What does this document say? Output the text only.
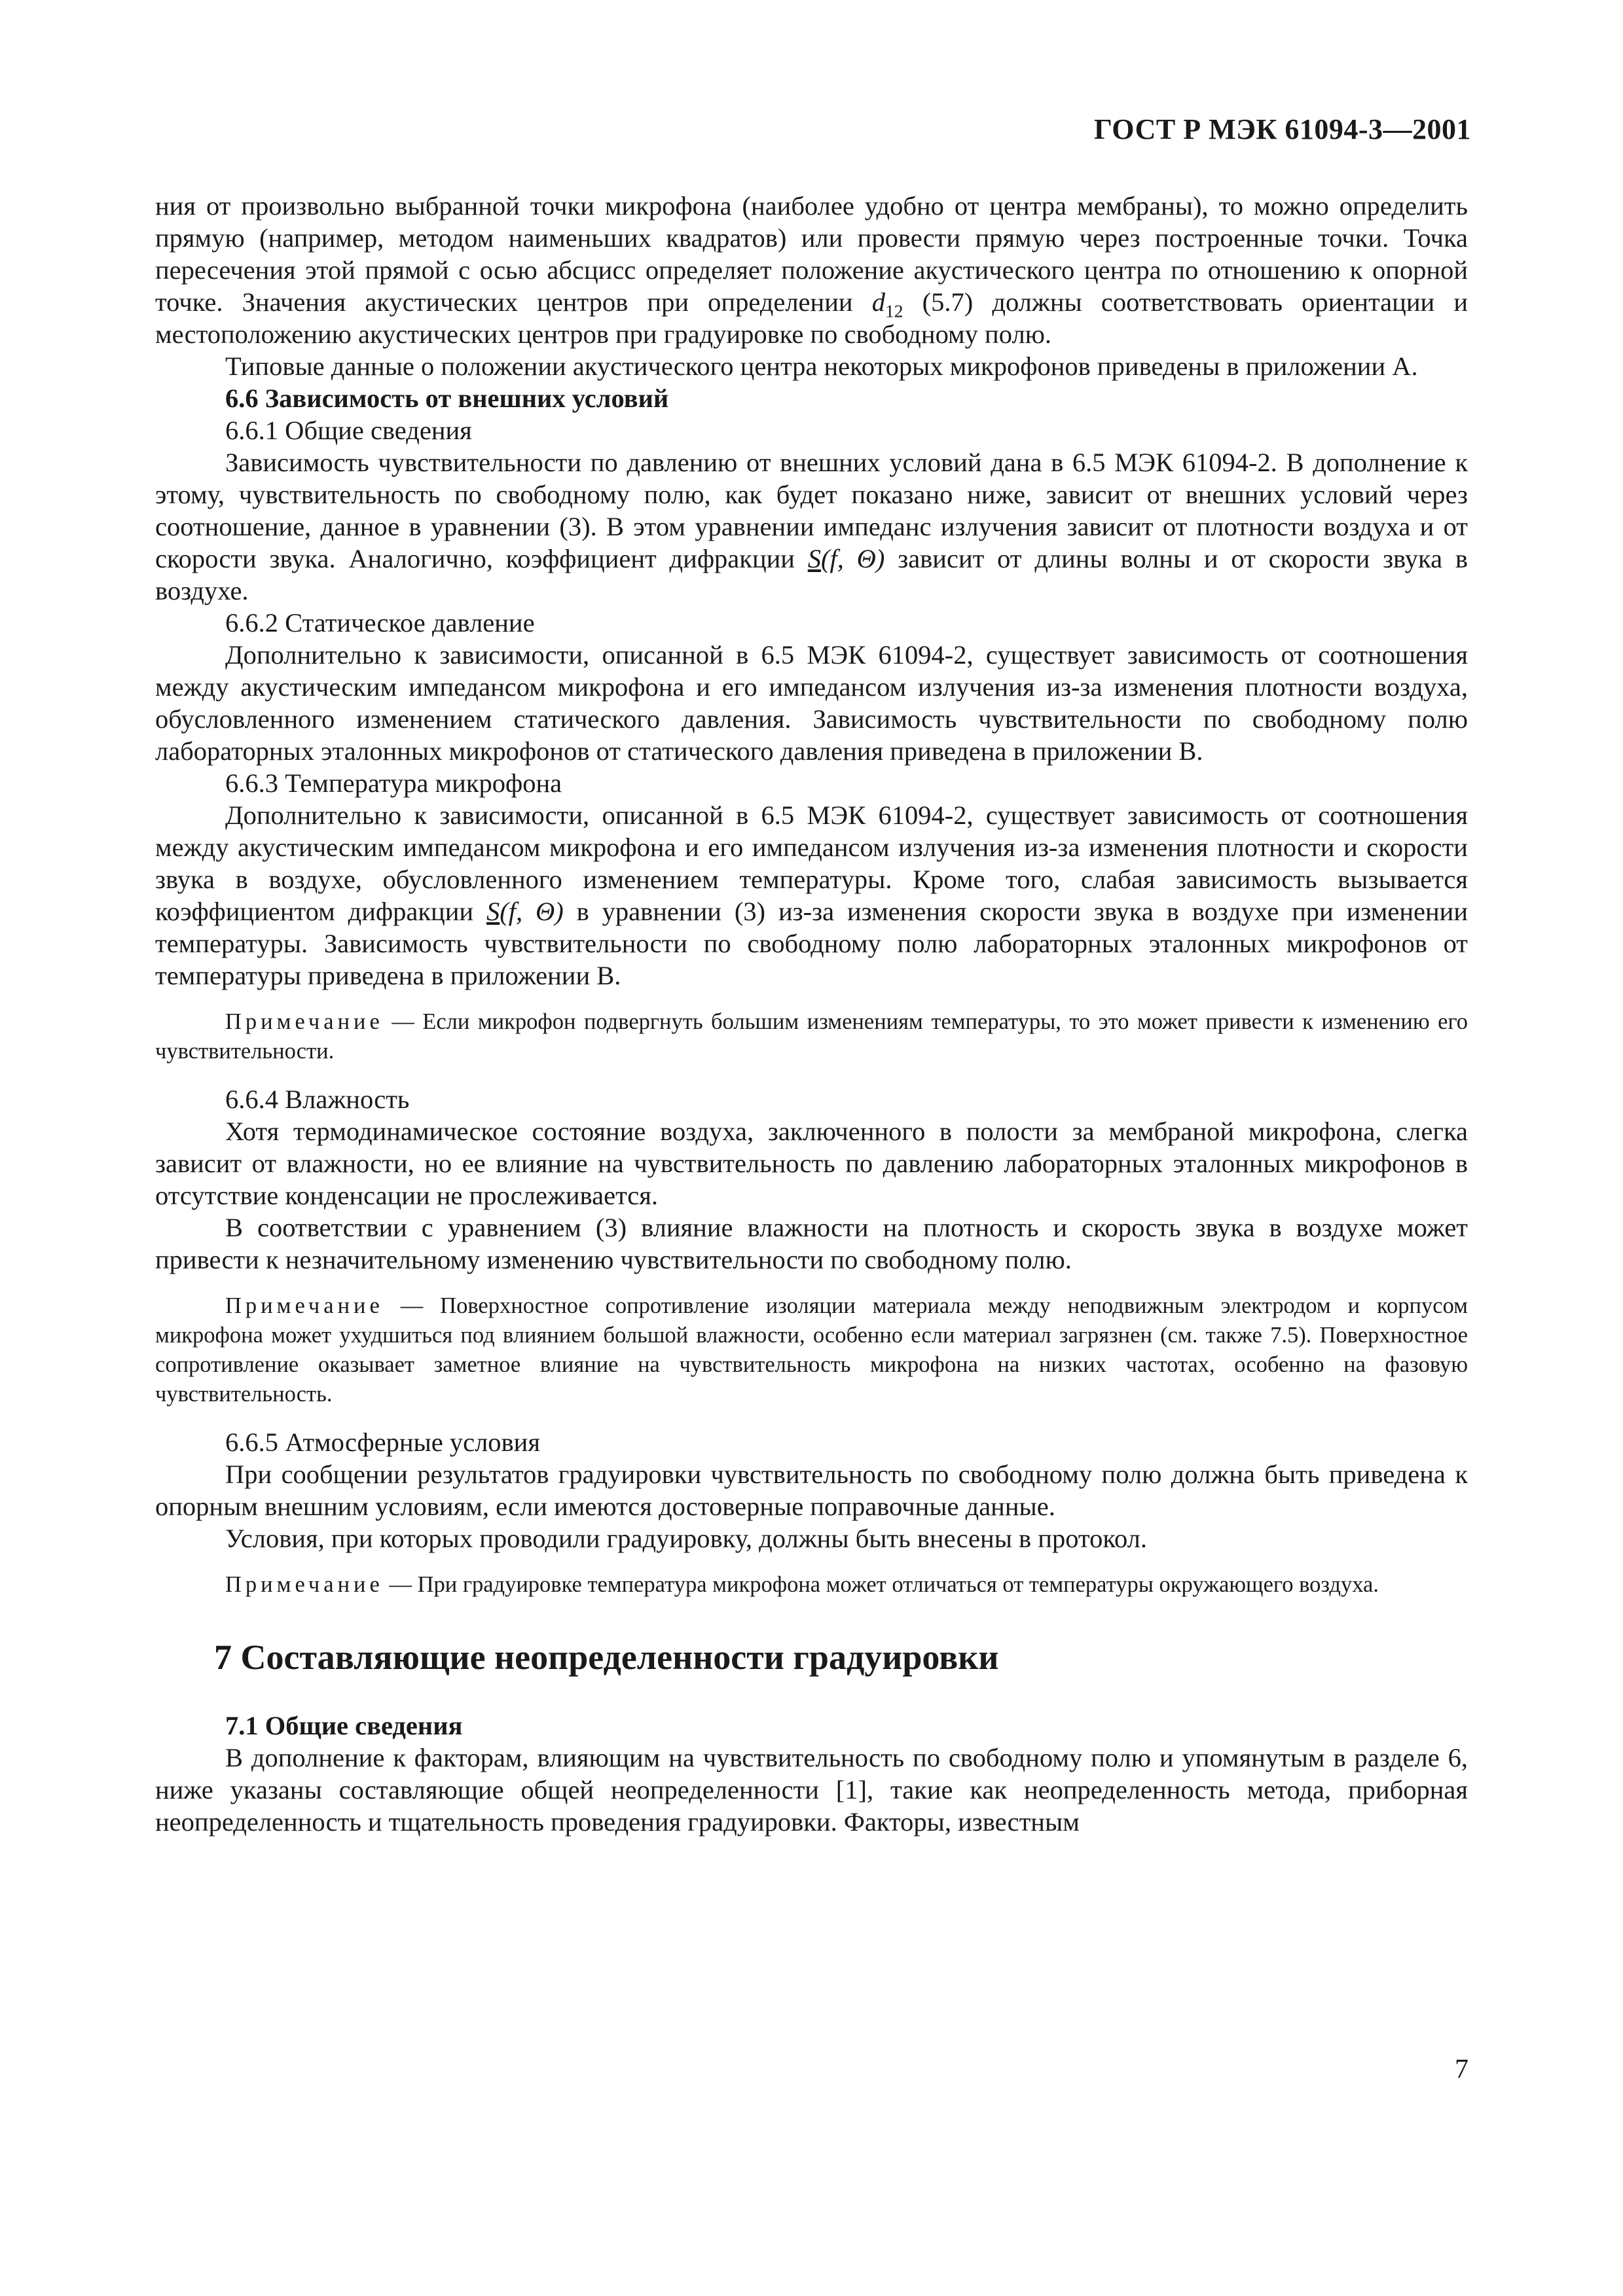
ГОСТ Р МЭК 61094-3—2001

ния от произвольно выбранной точки микрофона (наиболее удобно от центра мембраны), то можно определить прямую (например, методом наименьших квадратов) или провести прямую через построенные точки. Точка пересечения этой прямой с осью абсцисс определяет положение акустического центра по отношению к опорной точке. Значения акустических центров при определении $d_{12}$ (5.7) должны соответствовать ориентации и местоположению акустических центров при градуировке по свободному полю.

Типовые данные о положении акустического центра некоторых микрофонов приведены в приложении А.

6.6 Зависимость от внешних условий

6.6.1 Общие сведения

Зависимость чувствительности по давлению от внешних условий дана в 6.5 МЭК 61094-2. В дополнение к этому, чувствительность по свободному полю, как будет показано ниже, зависит от внешних условий через соотношение, данное в уравнении (3). В этом уравнении импеданс излучения зависит от плотности воздуха и от скорости звука. Аналогично, коэффициент дифракции S(f, Θ) зависит от длины волны и от скорости звука в воздухе.

6.6.2 Статическое давление

Дополнительно к зависимости, описанной в 6.5 МЭК 61094-2, существует зависимость от соотношения между акустическим импедансом микрофона и его импедансом излучения из-за изменения плотности воздуха, обусловленного изменением статического давления. Зависимость чувствительности по свободному полю лабораторных эталонных микрофонов от статического давления приведена в приложении В.

6.6.3 Температура микрофона

Дополнительно к зависимости, описанной в 6.5 МЭК 61094-2, существует зависимость от соотношения между акустическим импедансом микрофона и его импедансом излучения из-за изменения плотности и скорости звука в воздухе, обусловленного изменением температуры. Кроме того, слабая зависимость вызывается коэффициентом дифракции S(f, Θ) в уравнении (3) из-за изменения скорости звука в воздухе при изменении температуры. Зависимость чувствительности по свободному полю лабораторных эталонных микрофонов от температуры приведена в приложении В.

Примечание — Если микрофон подвергнуть большим изменениям температуры, то это может привести к изменению его чувствительности.

6.6.4 Влажность

Хотя термодинамическое состояние воздуха, заключенного в полости за мембраной микрофона, слегка зависит от влажности, но ее влияние на чувствительность по давлению лабораторных эталонных микрофонов в отсутствие конденсации не прослеживается.

В соответствии с уравнением (3) влияние влажности на плотность и скорость звука в воздухе может привести к незначительному изменению чувствительности по свободному полю.

Примечание — Поверхностное сопротивление изоляции материала между неподвижным электродом и корпусом микрофона может ухудшиться под влиянием большой влажности, особенно если материал загрязнен (см. также 7.5). Поверхностное сопротивление оказывает заметное влияние на чувствительность микрофона на низких частотах, особенно на фазовую чувствительность.

6.6.5 Атмосферные условия

При сообщении результатов градуировки чувствительность по свободному полю должна быть приведена к опорным внешним условиям, если имеются достоверные поправочные данные.

Условия, при которых проводили градуировку, должны быть внесены в протокол.

Примечание — При градуировке температура микрофона может отличаться от температуры окружающего воздуха.

7 Составляющие неопределенности градуировки

7.1 Общие сведения

В дополнение к факторам, влияющим на чувствительность по свободному полю и упомянутым в разделе 6, ниже указаны составляющие общей неопределенности [1], такие как неопределенность метода, приборная неопределенность и тщательность проведения градуировки. Факторы, известным

7
